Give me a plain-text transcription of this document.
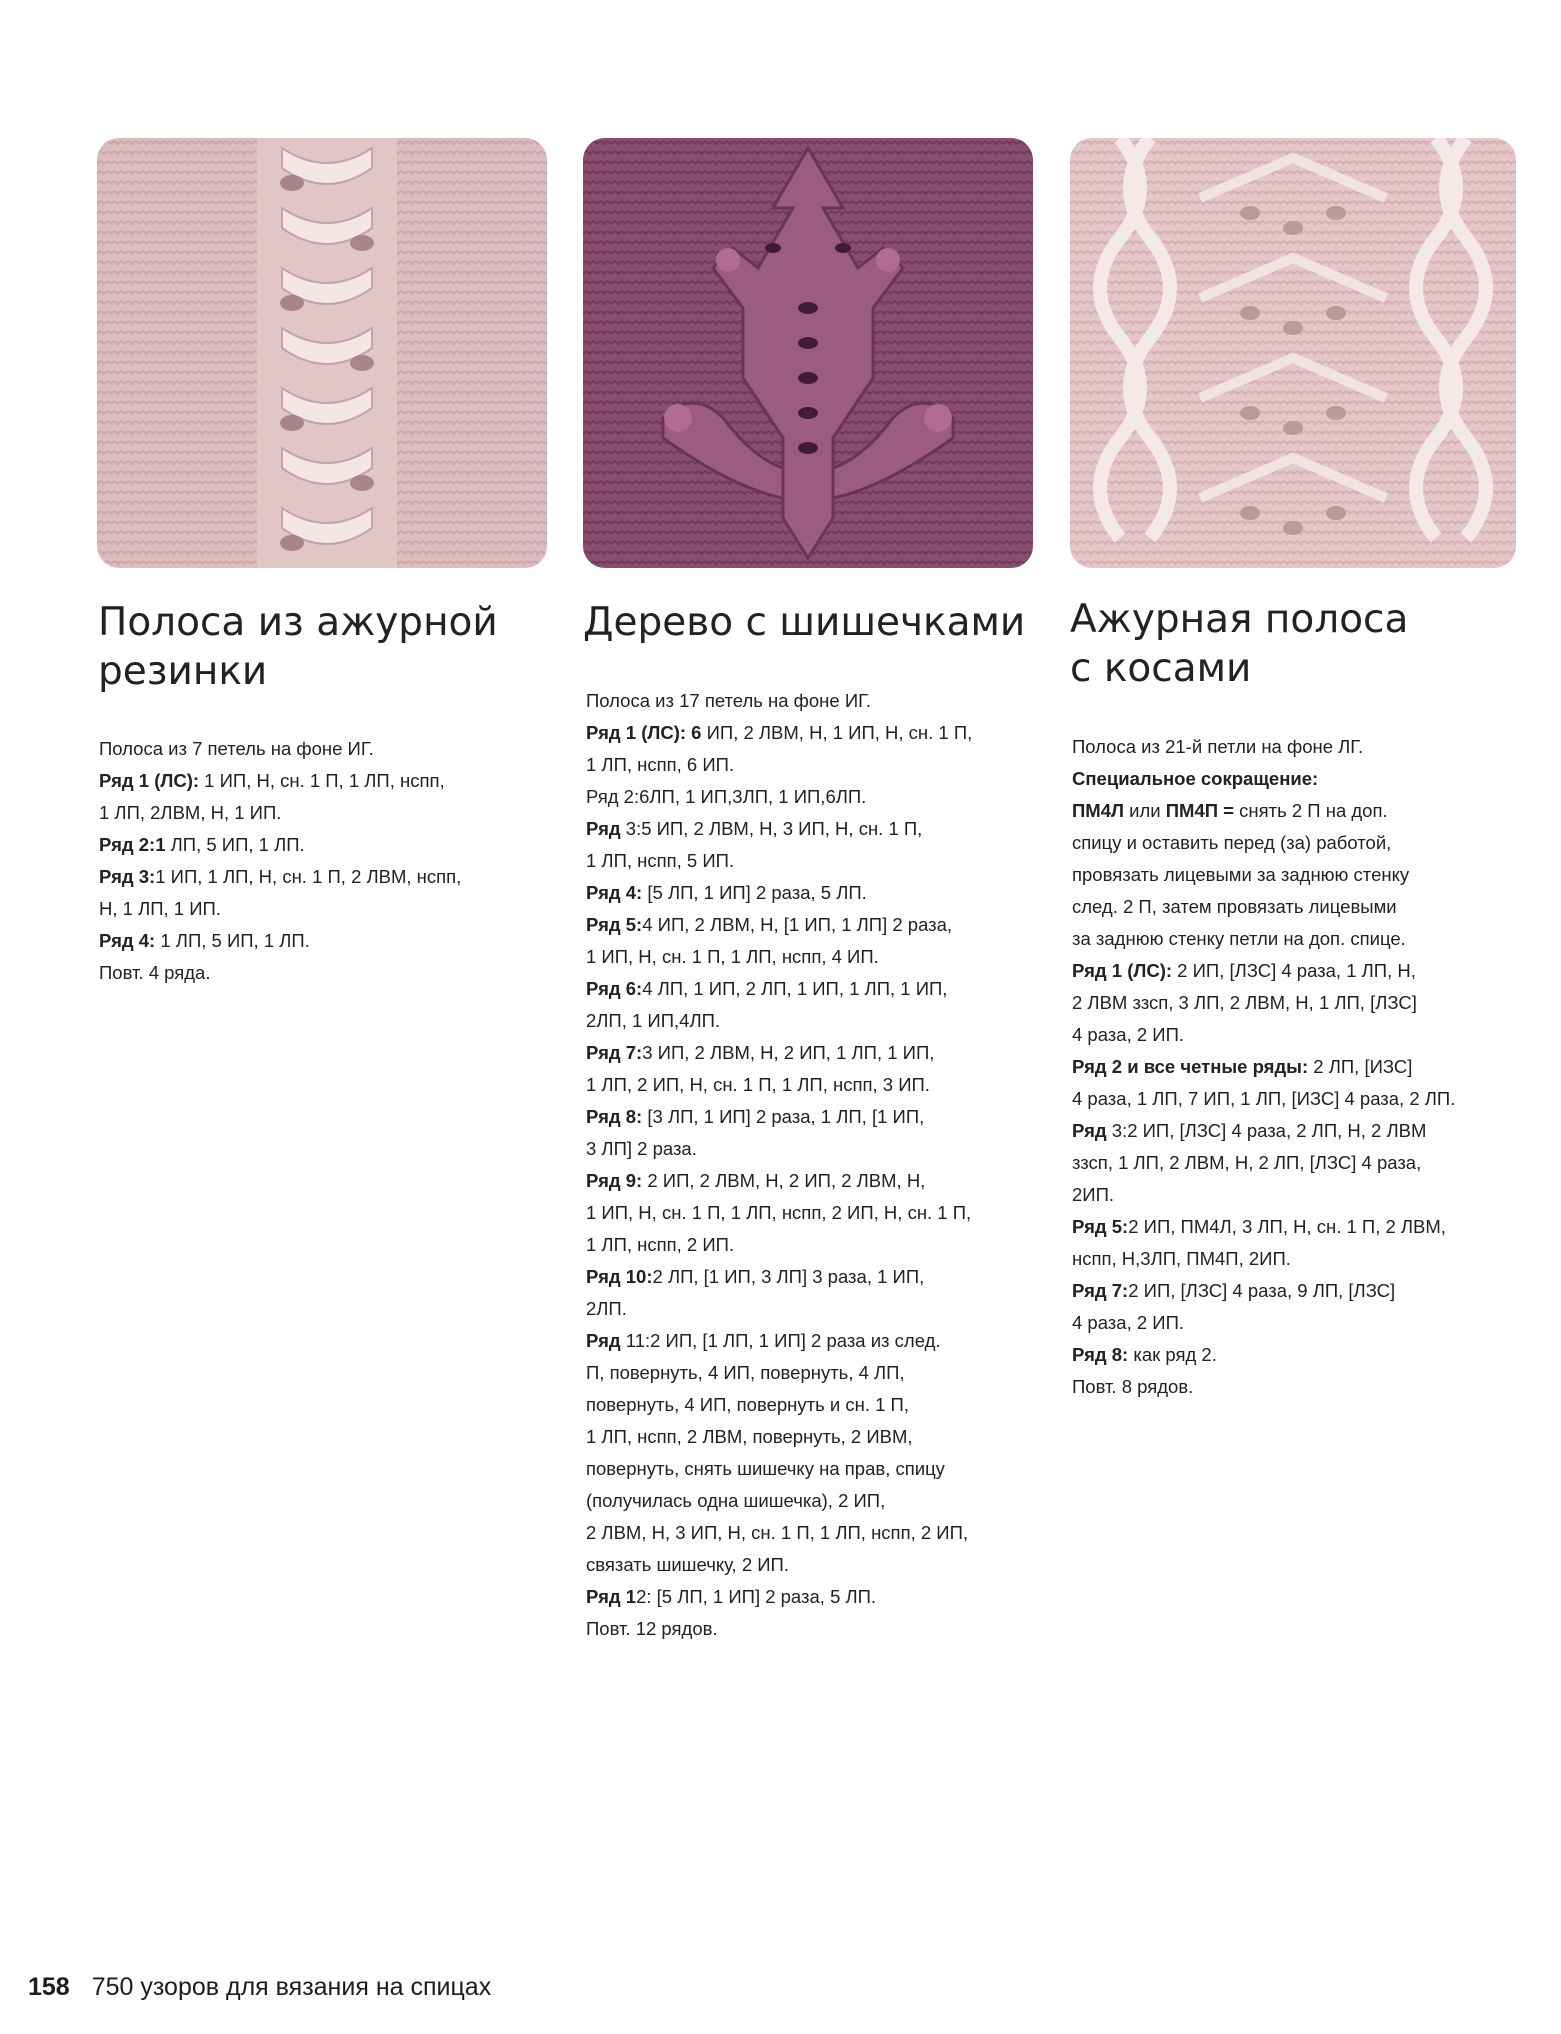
Полоса из ажурной
резинки
Полоса из 7 петель на фоне ИГ.
Ряд 1 (ЛС): 1 ИП, Н, сн. 1 П, 1 ЛП, нспп,
1 ЛП, 2ЛВМ, Н, 1 ИП.
Ряд 2:1 ЛП, 5 ИП, 1 ЛП.
Ряд 3:1 ИП, 1 ЛП, Н, сн. 1 П, 2 ЛВМ, нспп,
Н, 1 ЛП, 1 ИП.
Ряд 4: 1 ЛП, 5 ИП, 1 ЛП.
Повт. 4 ряда.
Дерево с шишечками
Полоса из 17 петель на фоне ИГ.
Ряд 1 (ЛС): 6 ИП, 2 ЛВМ, Н, 1 ИП, Н, сн. 1 П,
1 ЛП, нспп, 6 ИП.
Ряд 2:6ЛП, 1 ИП,3ЛП, 1 ИП,6ЛП.
Ряд 3:5 ИП, 2 ЛВМ, Н, 3 ИП, Н, сн. 1 П,
1 ЛП, нспп, 5 ИП.
Ряд 4: [5 ЛП, 1 ИП] 2 раза, 5 ЛП.
Ряд 5:4 ИП, 2 ЛВМ, Н, [1 ИП, 1 ЛП] 2 раза,
1 ИП, Н, сн. 1 П, 1 ЛП, нспп, 4 ИП.
Ряд 6:4 ЛП, 1 ИП, 2 ЛП, 1 ИП, 1 ЛП, 1 ИП,
2ЛП, 1 ИП,4ЛП.
Ряд 7:3 ИП, 2 ЛВМ, Н, 2 ИП, 1 ЛП, 1 ИП,
1 ЛП, 2 ИП, Н, сн. 1 П, 1 ЛП, нспп, 3 ИП.
Ряд 8: [3 ЛП, 1 ИП] 2 раза, 1 ЛП, [1 ИП,
3 ЛП] 2 раза.
Ряд 9: 2 ИП, 2 ЛВМ, Н, 2 ИП, 2 ЛВМ, Н,
1 ИП, Н, сн. 1 П, 1 ЛП, нспп, 2 ИП, Н, сн. 1 П,
1 ЛП, нспп, 2 ИП.
Ряд 10:2 ЛП, [1 ИП, 3 ЛП] 3 раза, 1 ИП,
2ЛП.
Ряд 11:2 ИП, [1 ЛП, 1 ИП] 2 раза из след.
П, повернуть, 4 ИП, повернуть, 4 ЛП,
повернуть, 4 ИП, повернуть и сн. 1 П,
1 ЛП, нспп, 2 ЛВМ, повернуть, 2 ИВМ,
повернуть, снять шишечку на прав, спицу
(получилась одна шишечка), 2 ИП,
2 ЛВМ, Н, 3 ИП, Н, сн. 1 П, 1 ЛП, нспп, 2 ИП,
связать шишечку, 2 ИП.
Ряд 12: [5 ЛП, 1 ИП] 2 раза, 5 ЛП.
Повт. 12 рядов.
Ажурная полоса
с косами
Полоса из 21-й петли на фоне ЛГ.
Специальное сокращение:
ПМ4Л или ПМ4П = снять 2 П на доп.
спицу и оставить перед (за) работой,
провязать лицевыми за заднюю стенку
след. 2 П, затем провязать лицевыми
за заднюю стенку петли на доп. спице.
Ряд 1 (ЛС): 2 ИП, [ЛЗС] 4 раза, 1 ЛП, Н,
2 ЛВМ ззсп, 3 ЛП, 2 ЛВМ, Н, 1 ЛП, [ЛЗС]
4 раза, 2 ИП.
Ряд 2 и все четные ряды: 2 ЛП, [ИЗС]
4 раза, 1 ЛП, 7 ИП, 1 ЛП, [ИЗС] 4 раза, 2 ЛП.
Ряд 3:2 ИП, [ЛЗС] 4 раза, 2 ЛП, Н, 2 ЛВМ
ззсп, 1 ЛП, 2 ЛВМ, Н, 2 ЛП, [ЛЗС] 4 раза,
2ИП.
Ряд 5:2 ИП, ПМ4Л, 3 ЛП, Н, сн. 1 П, 2 ЛВМ,
нспп, Н,3ЛП, ПМ4П, 2ИП.
Ряд 7:2 ИП, [ЛЗС] 4 раза, 9 ЛП, [ЛЗС]
4 раза, 2 ИП.
Ряд 8: как ряд 2.
Повт. 8 рядов.
158 750 узоров для вязания на спицах
